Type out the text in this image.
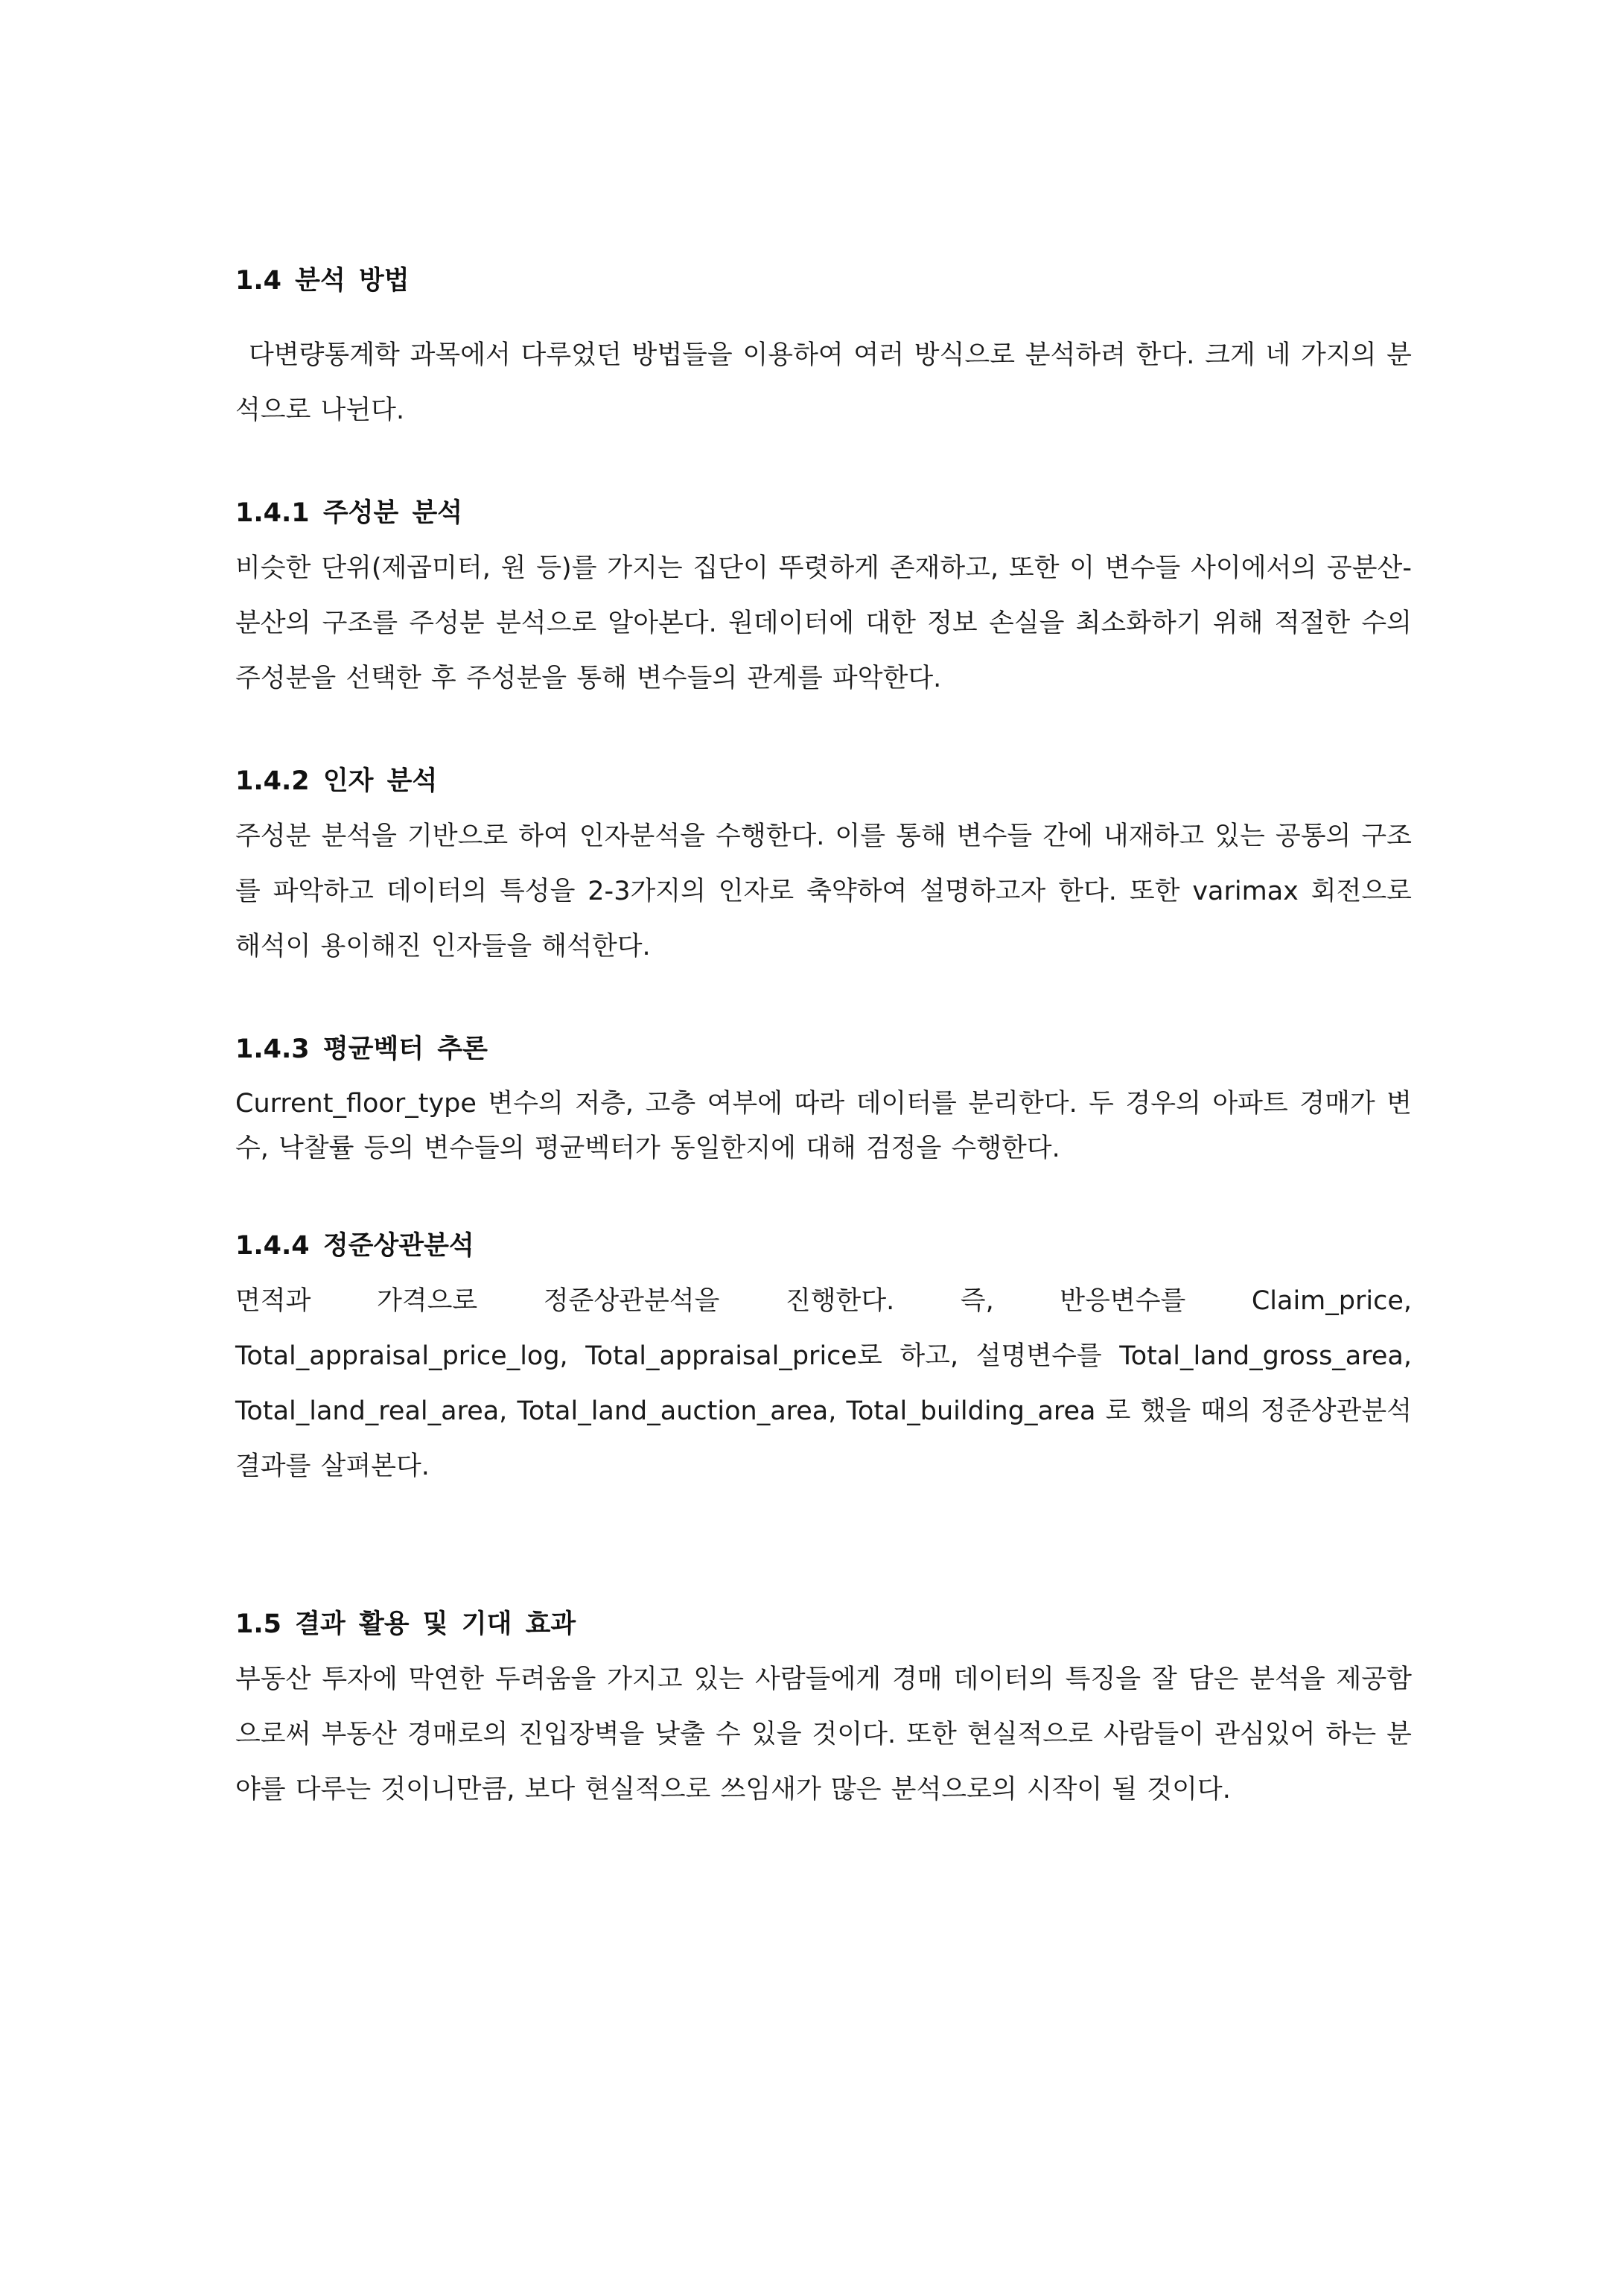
1.4 분석 방법

다변량통계학 과목에서 다루었던 방법들을 이용하여 여러 방식으로 분석하려 한다. 크게 네 가지의 분석으로 나뉜다.

1.4.1 주성분 분석

비슷한 단위(제곱미터, 원 등)를 가지는 집단이 뚜렷하게 존재하고, 또한 이 변수들 사이에서의 공분산-분산의 구조를 주성분 분석으로 알아본다. 원데이터에 대한 정보 손실을 최소화하기 위해 적절한 수의 주성분을 선택한 후 주성분을 통해 변수들의 관계를 파악한다.

1.4.2 인자 분석

주성분 분석을 기반으로 하여 인자분석을 수행한다. 이를 통해 변수들 간에 내재하고 있는 공통의 구조를 파악하고 데이터의 특성을 2-3가지의 인자로 축약하여 설명하고자 한다. 또한 varimax 회전으로 해석이 용이해진 인자들을 해석한다.

1.4.3 평균벡터 추론

Current_floor_type 변수의 저층, 고층 여부에 따라 데이터를 분리한다. 두 경우의 아파트 경매가 변수, 낙찰률 등의 변수들의 평균벡터가 동일한지에 대해 검정을 수행한다.

1.4.4 정준상관분석

면적과 가격으로 정준상관분석을 진행한다. 즉, 반응변수를 Claim_price, Total_appraisal_price_log, Total_appraisal_price로 하고, 설명변수를 Total_land_gross_area, Total_land_real_area, Total_land_auction_area, Total_building_area 로 했을 때의 정준상관분석 결과를 살펴본다.

1.5 결과 활용 및 기대 효과

부동산 투자에 막연한 두려움을 가지고 있는 사람들에게 경매 데이터의 특징을 잘 담은 분석을 제공함으로써 부동산 경매로의 진입장벽을 낮출 수 있을 것이다. 또한 현실적으로 사람들이 관심있어 하는 분야를 다루는 것이니만큼, 보다 현실적으로 쓰임새가 많은 분석으로의 시작이 될 것이다.
